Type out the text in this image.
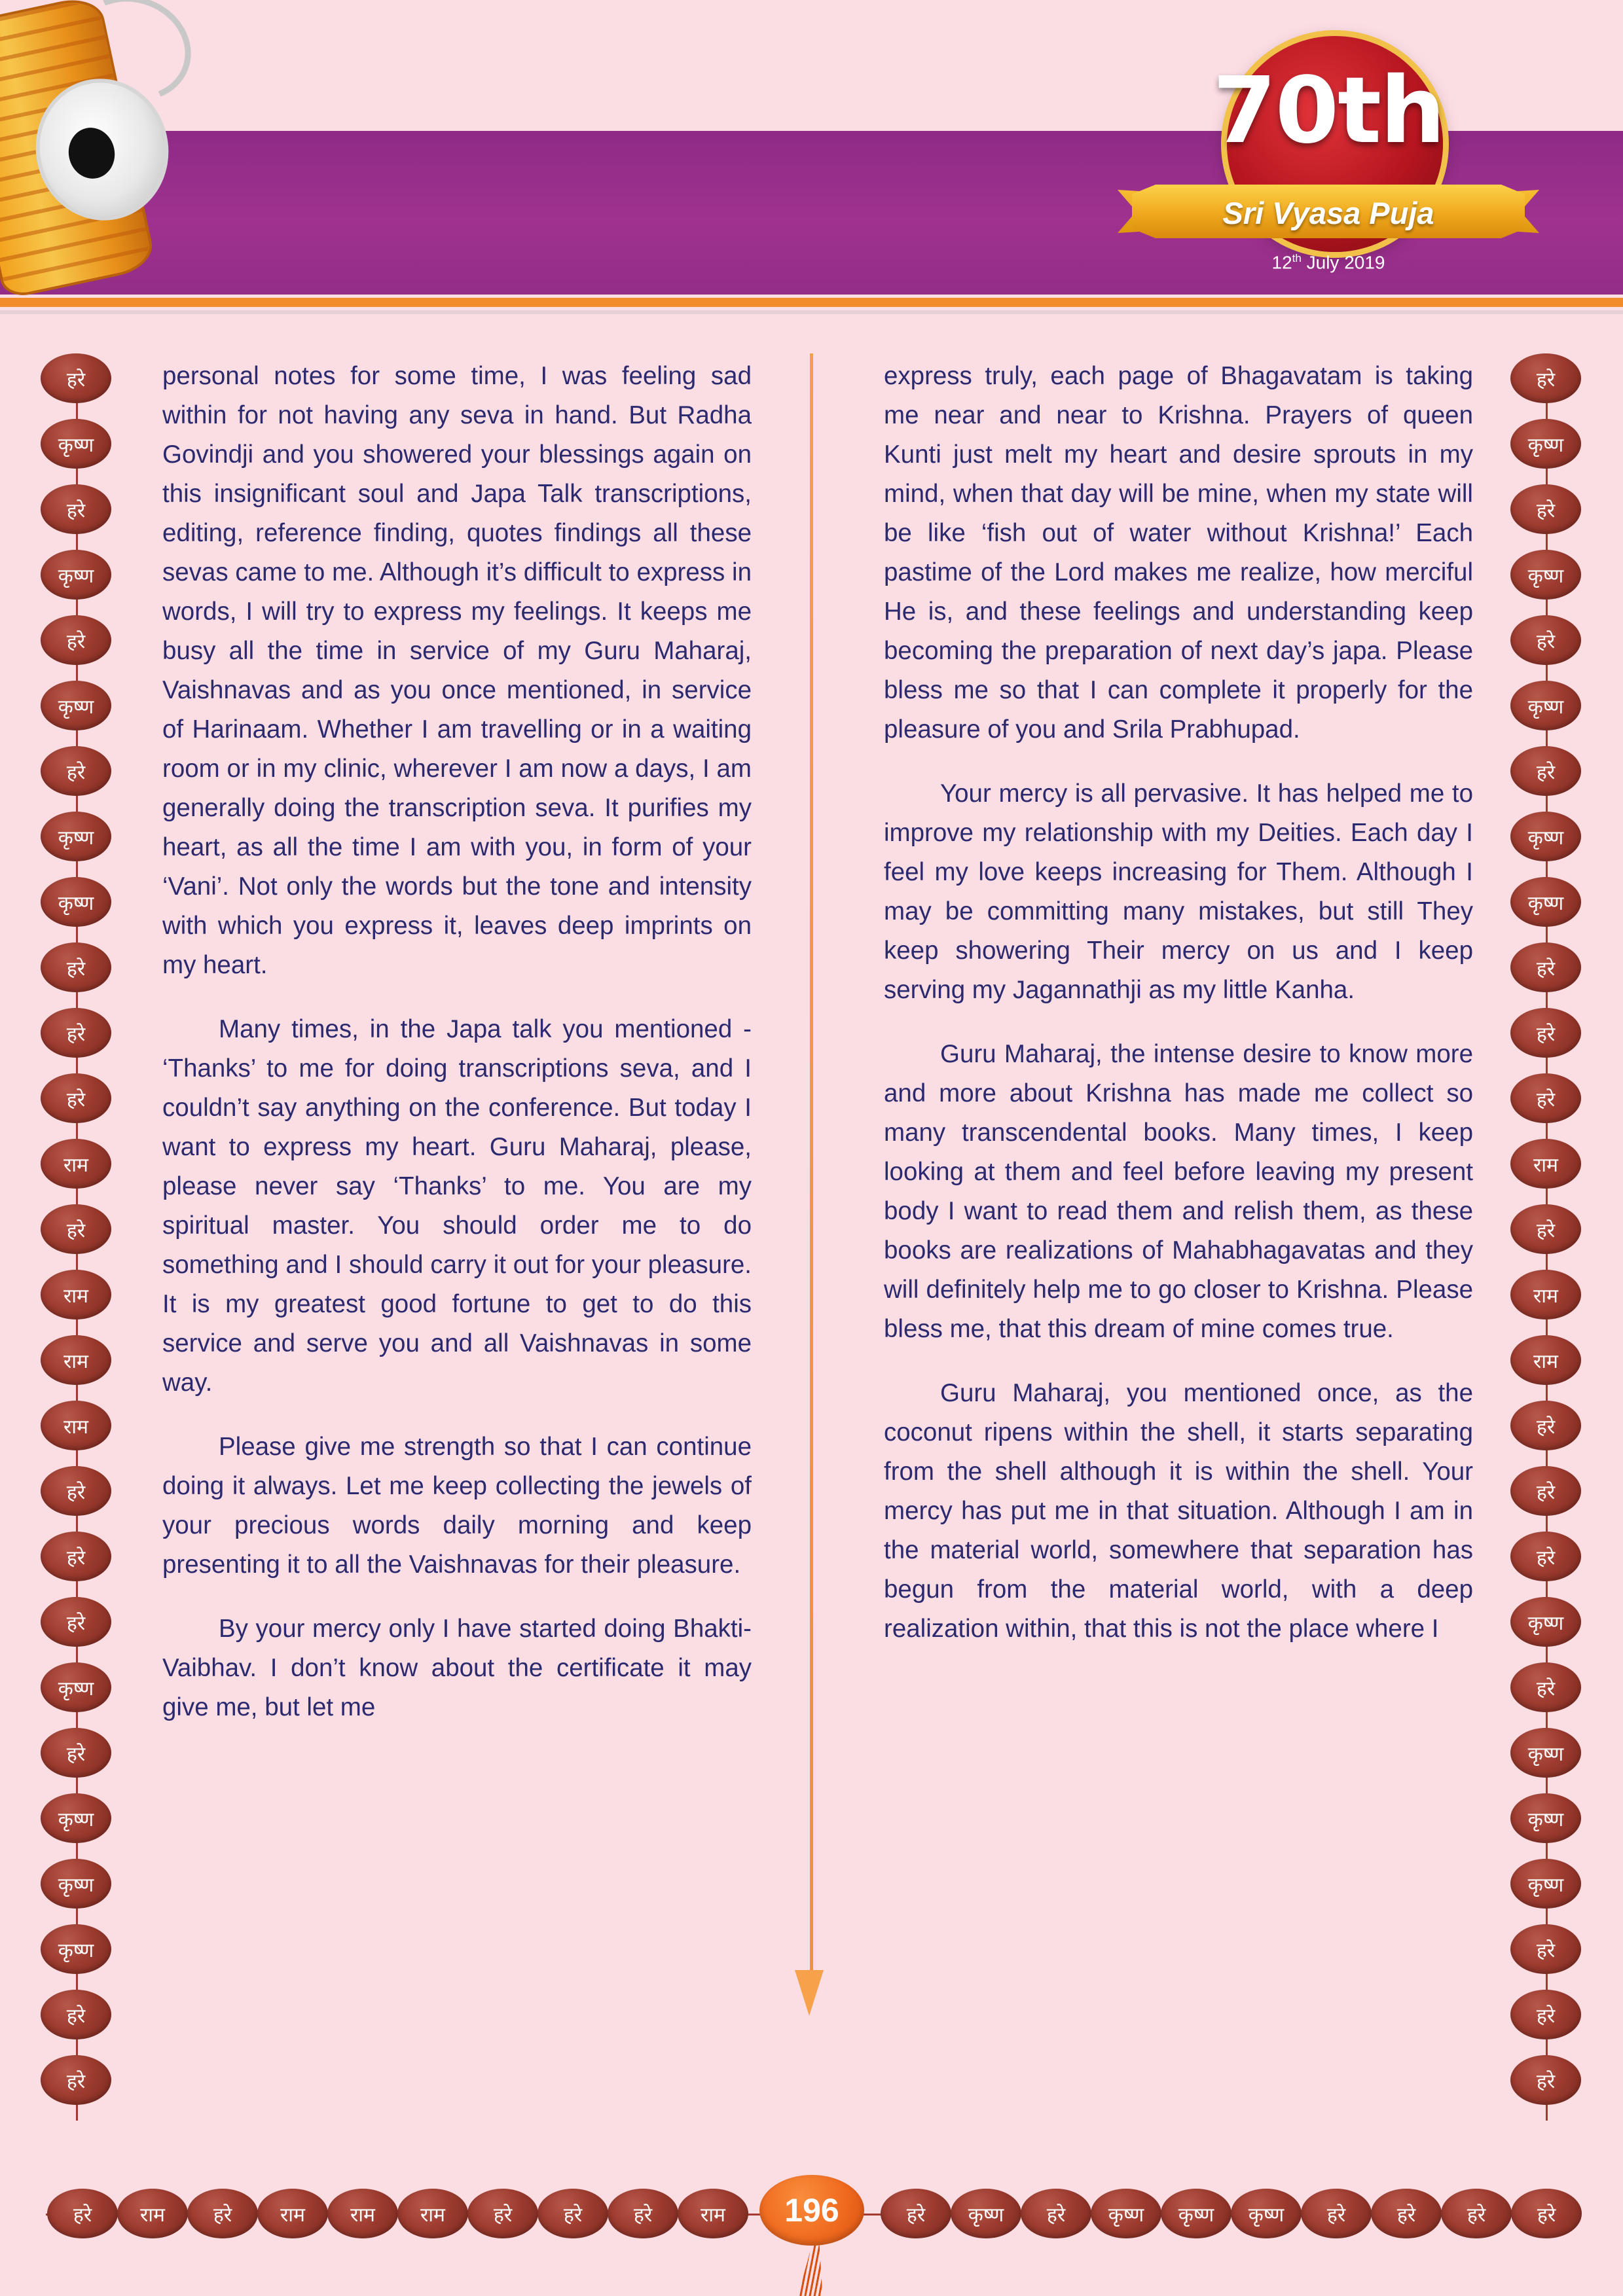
70th
Sri Vyasa Puja
12th July 2019
हरे
कृष्ण
हरे
कृष्ण
हरे
कृष्ण
हरे
कृष्ण
कृष्ण
हरे
हरे
हरे
राम
हरे
राम
राम
राम
हरे
हरे
हरे
कृष्ण
हरे
कृष्ण
कृष्ण
कृष्ण
हरे
हरे
हरे
कृष्ण
हरे
कृष्ण
हरे
कृष्ण
हरे
कृष्ण
कृष्ण
हरे
हरे
हरे
राम
हरे
राम
राम
हरे
हरे
हरे
कृष्ण
हरे
कृष्ण
कृष्ण
कृष्ण
हरे
हरे
हरे

personal notes for some time, I was feeling sad within for not having any seva in hand. But Radha Govindji and you showered your blessings again on this insignificant soul and Japa Talk transcriptions, editing, reference finding, quotes findings all these sevas came to me. Although it’s difficult to express in words, I will try to express my feelings. It keeps me busy all the time in service of my Guru Maharaj, Vaishnavas and as you once mentioned, in service of Harinaam. Whether I am travelling or in a waiting room or in my clinic, wherever I am now a days, I am generally doing the transcription seva. It purifies my heart, as all the time I am with you, in form of your ‘Vani’. Not only the words but the tone and intensity with which you express it, leaves deep imprints on my heart.

Many times, in the Japa talk you mentioned - ‘Thanks’ to me for doing transcriptions seva, and I couldn’t say anything on the conference. But today I want to express my heart. Guru Maharaj, please, please never say ‘Thanks’ to me. You are my spiritual master. You should order me to do something and I should carry it out for your pleasure. It is my greatest good fortune to get to do this service and serve you and all Vaishnavas in some way.

Please give me strength so that I can continue doing it always. Let me keep collecting the jewels of your precious words daily morning and keep presenting it to all the Vaishnavas for their pleasure.

By your mercy only I have started doing Bhakti-Vaibhav. I don’t know about the certificate it may give me, but let me

express truly, each page of Bhagavatam is taking me near and near to Krishna. Prayers of queen Kunti just melt my heart and desire sprouts in my mind, when that day will be mine, when my state will be like ‘fish out of water without Krishna!’ Each pastime of the Lord makes me realize, how merciful He is, and these feelings and understanding keep becoming the preparation of next day’s japa. Please bless me so that I can complete it properly for the pleasure of you and Srila Prabhupad.

Your mercy is all pervasive. It has helped me to improve my relationship with my Deities. Each day I feel my love keeps increasing for Them. Although I may be committing many mistakes, but still They keep showering Their mercy on us and I keep serving my Jagannathji as my little Kanha.

Guru Maharaj, the intense desire to know more and more about Krishna has made me collect so many transcendental books. Many times, I keep looking at them and feel before leaving my present body I want to read them and relish them, as these books are realizations of Mahabhagavatas and they will definitely help me to go closer to Krishna. Please bless me, that this dream of mine comes true.

Guru Maharaj, you mentioned once, as the coconut ripens within the shell, it starts separating from the shell although it is within the shell. Your mercy has put me in that situation. Although I am in the material world, somewhere that separation has begun from the material world, with a deep realization within, that this is not the place where I

हरे	राम	हरे	राम	राम	राम	हरे	हरे	हरे	राम	हरे	कृष्ण	हरे	कृष्ण	कृष्ण	कृष्ण	हरे	हरे	हरे	हरे
196
